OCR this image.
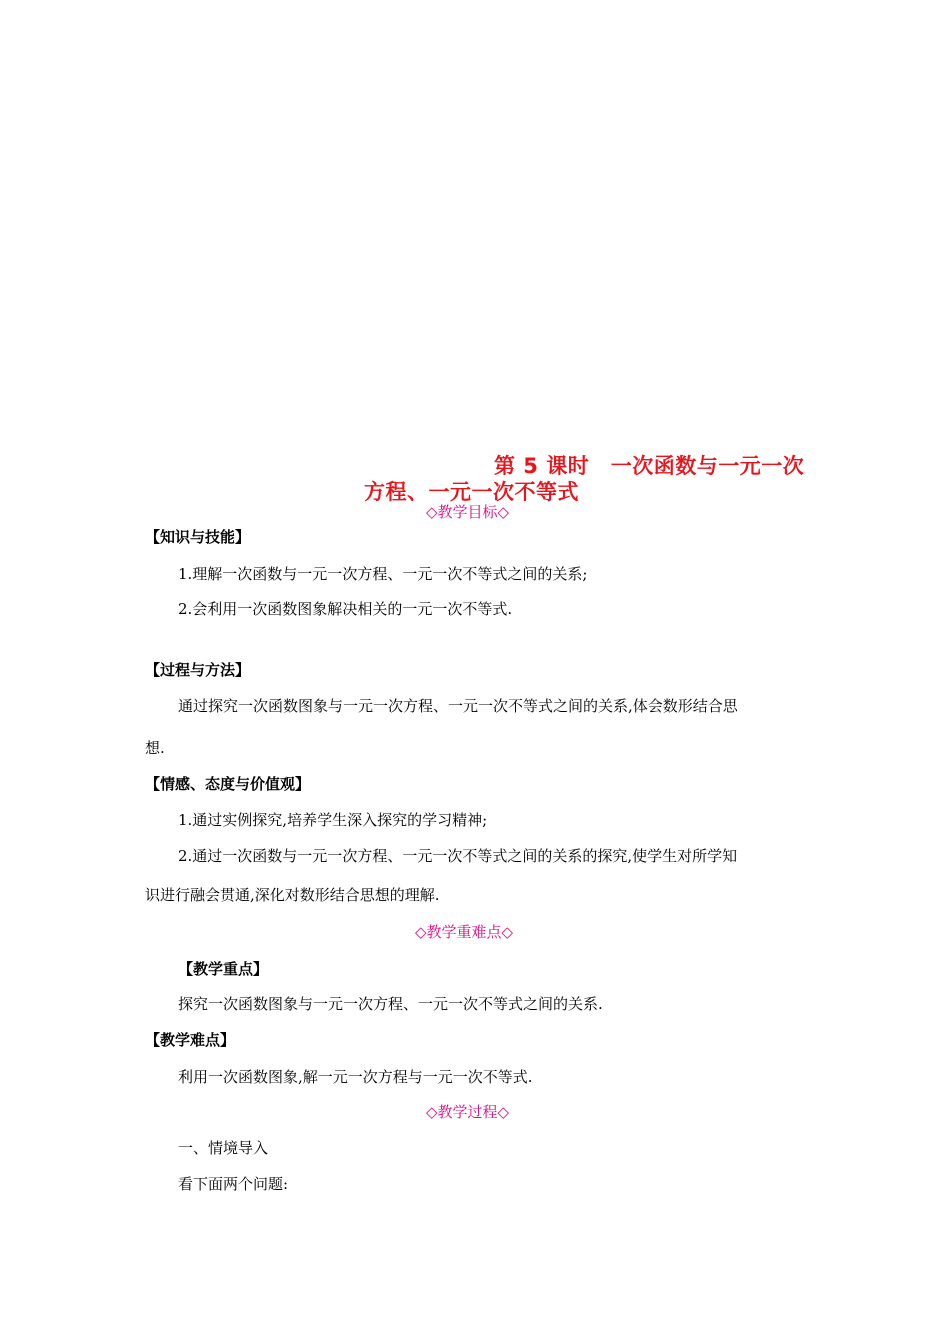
第 5 课时　一次函数与一元一次
方程、一元一次不等式
◇教学目标◇
【知识与技能】
1.理解一次函数与一元一次方程、一元一次不等式之间的关系;
2.会利用一次函数图象解决相关的一元一次不等式.
【过程与方法】
通过探究一次函数图象与一元一次方程、一元一次不等式之间的关系,体会数形结合思
想.
【情感、态度与价值观】
1.通过实例探究,培养学生深入探究的学习精神;
2.通过一次函数与一元一次方程、一元一次不等式之间的关系的探究,使学生对所学知
识进行融会贯通,深化对数形结合思想的理解.
◇教学重难点◇
【教学重点】
探究一次函数图象与一元一次方程、一元一次不等式之间的关系.
【教学难点】
利用一次函数图象,解一元一次方程与一元一次不等式.
◇教学过程◇
一、情境导入
看下面两个问题:
